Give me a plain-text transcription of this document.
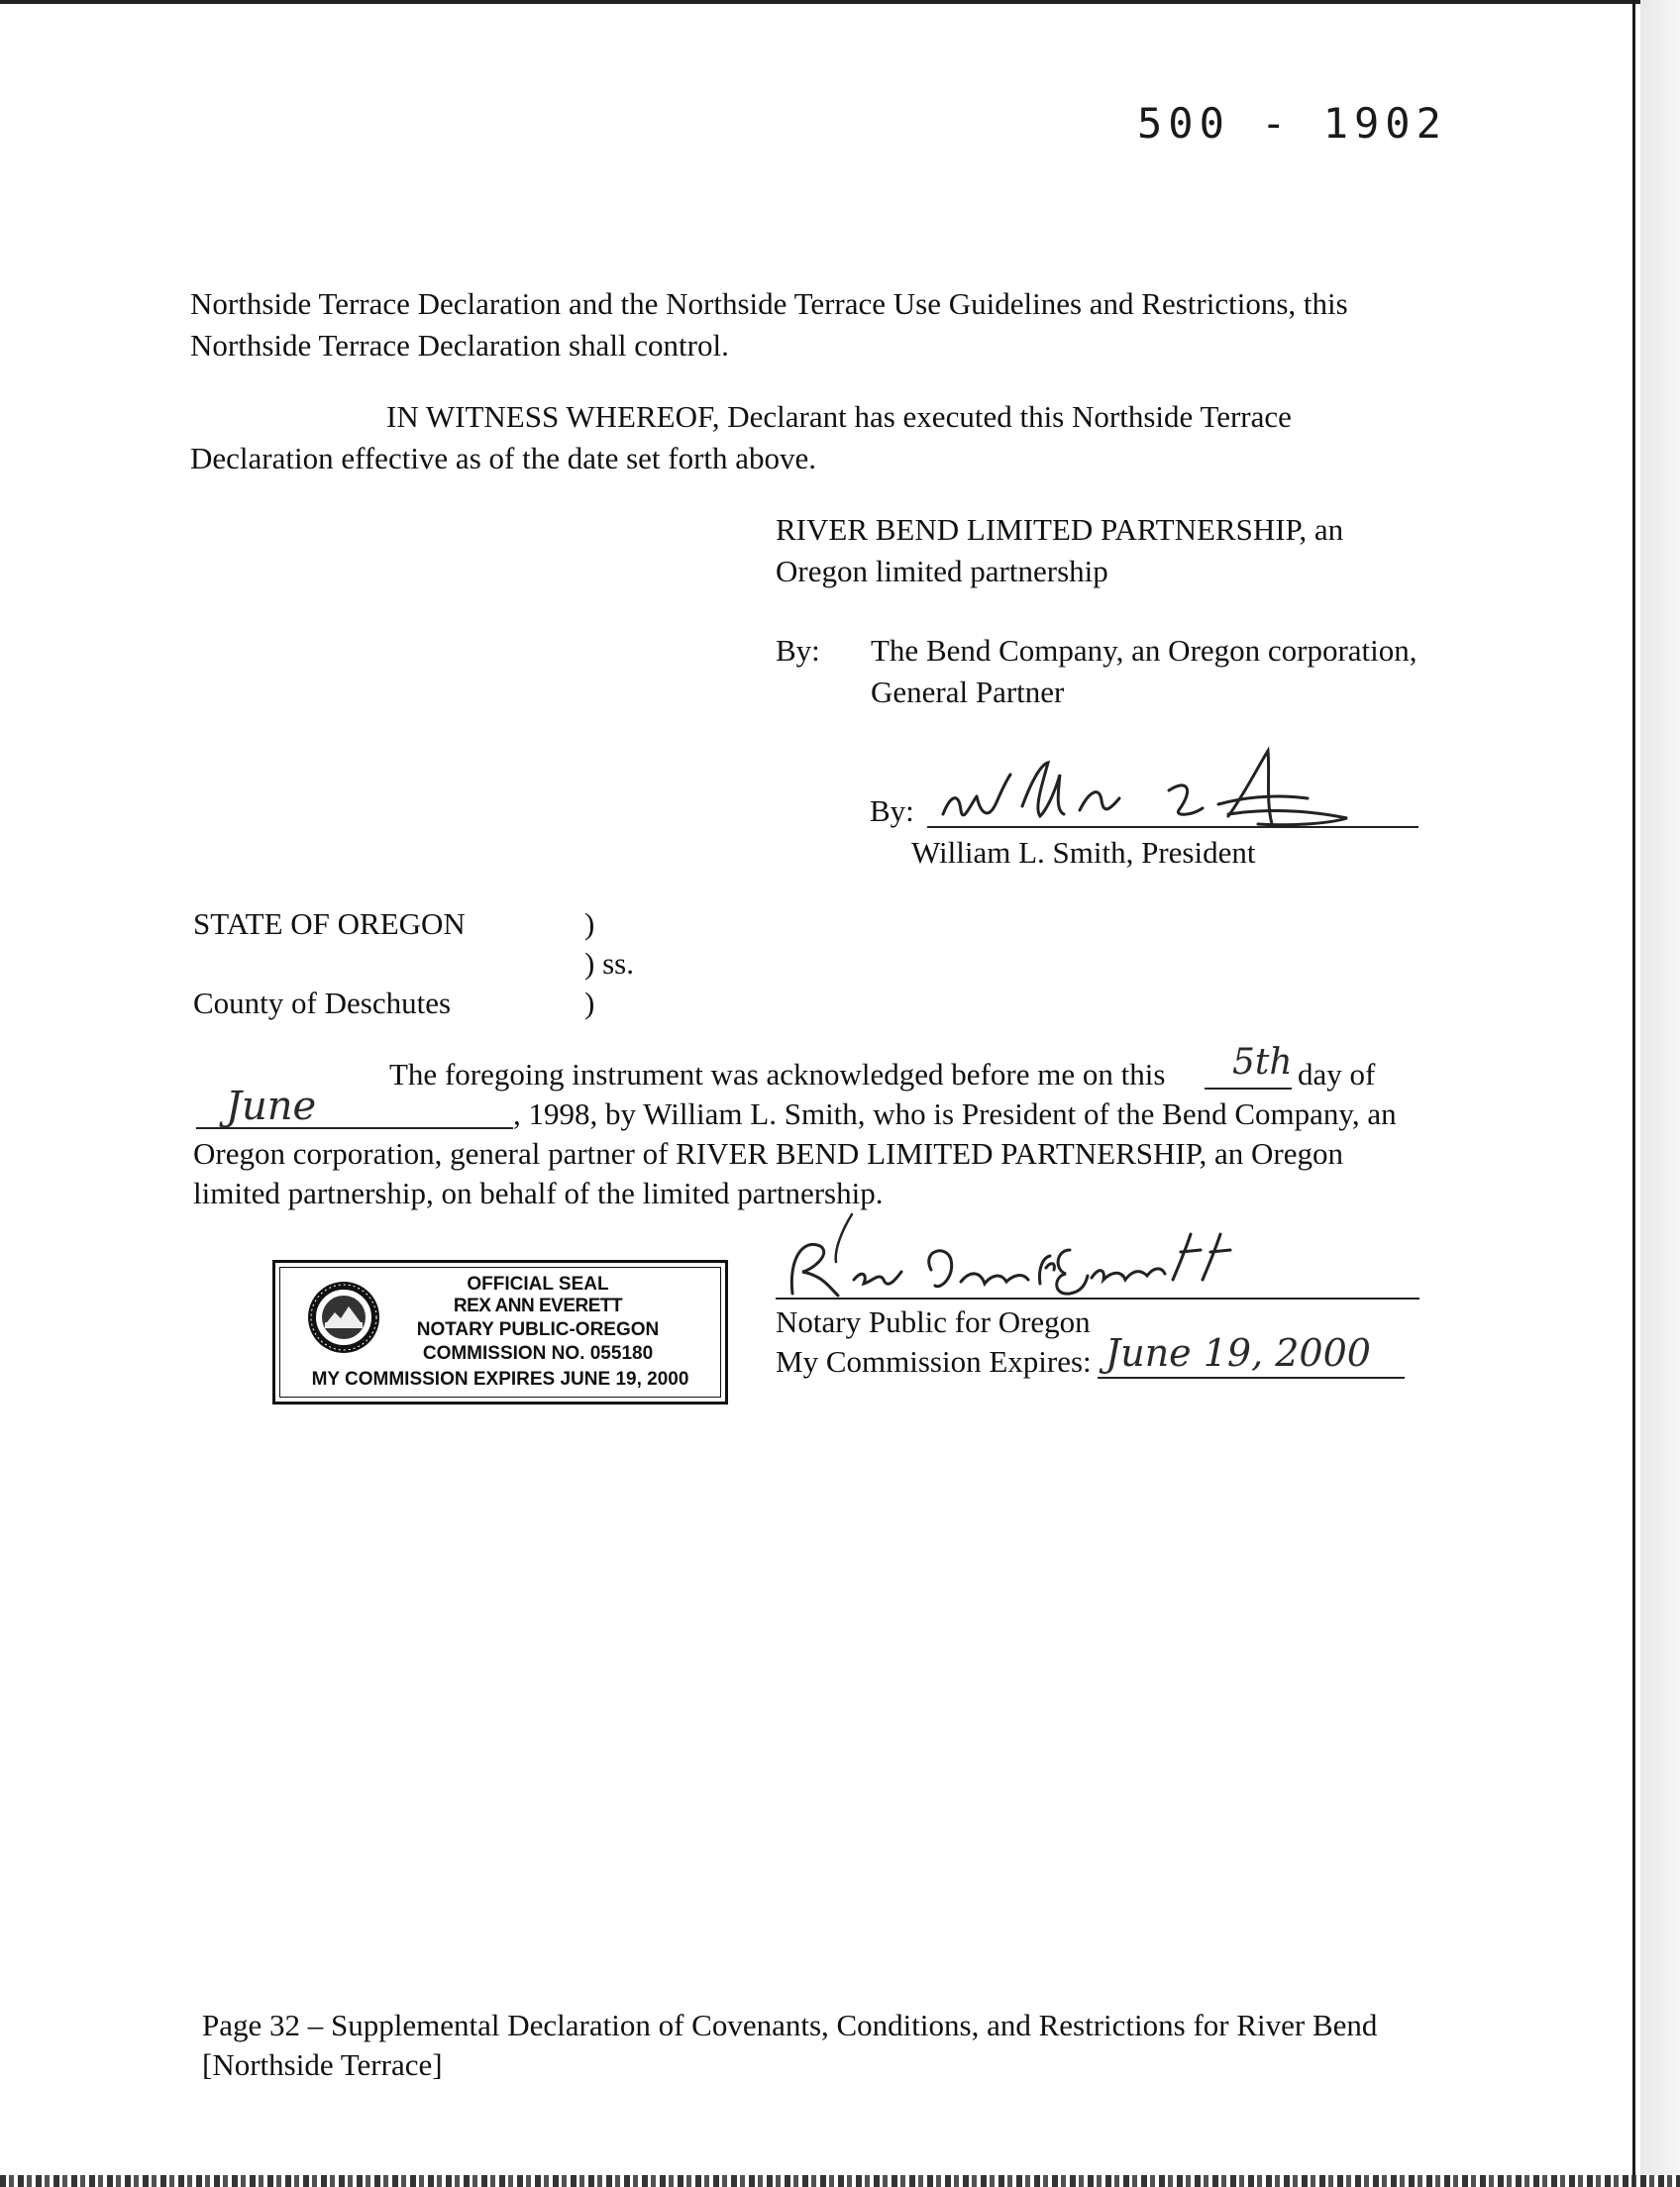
500 - 1902
Northside Terrace Declaration and the Northside Terrace Use Guidelines and Restrictions, this
Northside Terrace Declaration shall control.
IN WITNESS WHEREOF, Declarant has executed this Northside Terrace
Declaration effective as of the date set forth above.
RIVER BEND LIMITED PARTNERSHIP, an
Oregon limited partnership
By: The Bend Company, an Oregon corporation,
General Partner
By:
William L. Smith, President
STATE OF OREGON	)
) ss.
County of Deschutes	)
The foregoing instrument was acknowledged before me on this 5th day of
June	, 1998, by William L. Smith, who is President of the Bend Company, an
Oregon corporation, general partner of RIVER BEND LIMITED PARTNERSHIP, an Oregon
limited partnership, on behalf of the limited partnership.
OFFICIAL SEAL
REX ANN EVERETT
NOTARY PUBLIC-OREGON
COMMISSION NO. 055180
MY COMMISSION EXPIRES JUNE 19, 2000
Notary Public for Oregon
My Commission Expires: June 19, 2000
Page 32 – Supplemental Declaration of Covenants, Conditions, and Restrictions for River Bend
[Northside Terrace]
